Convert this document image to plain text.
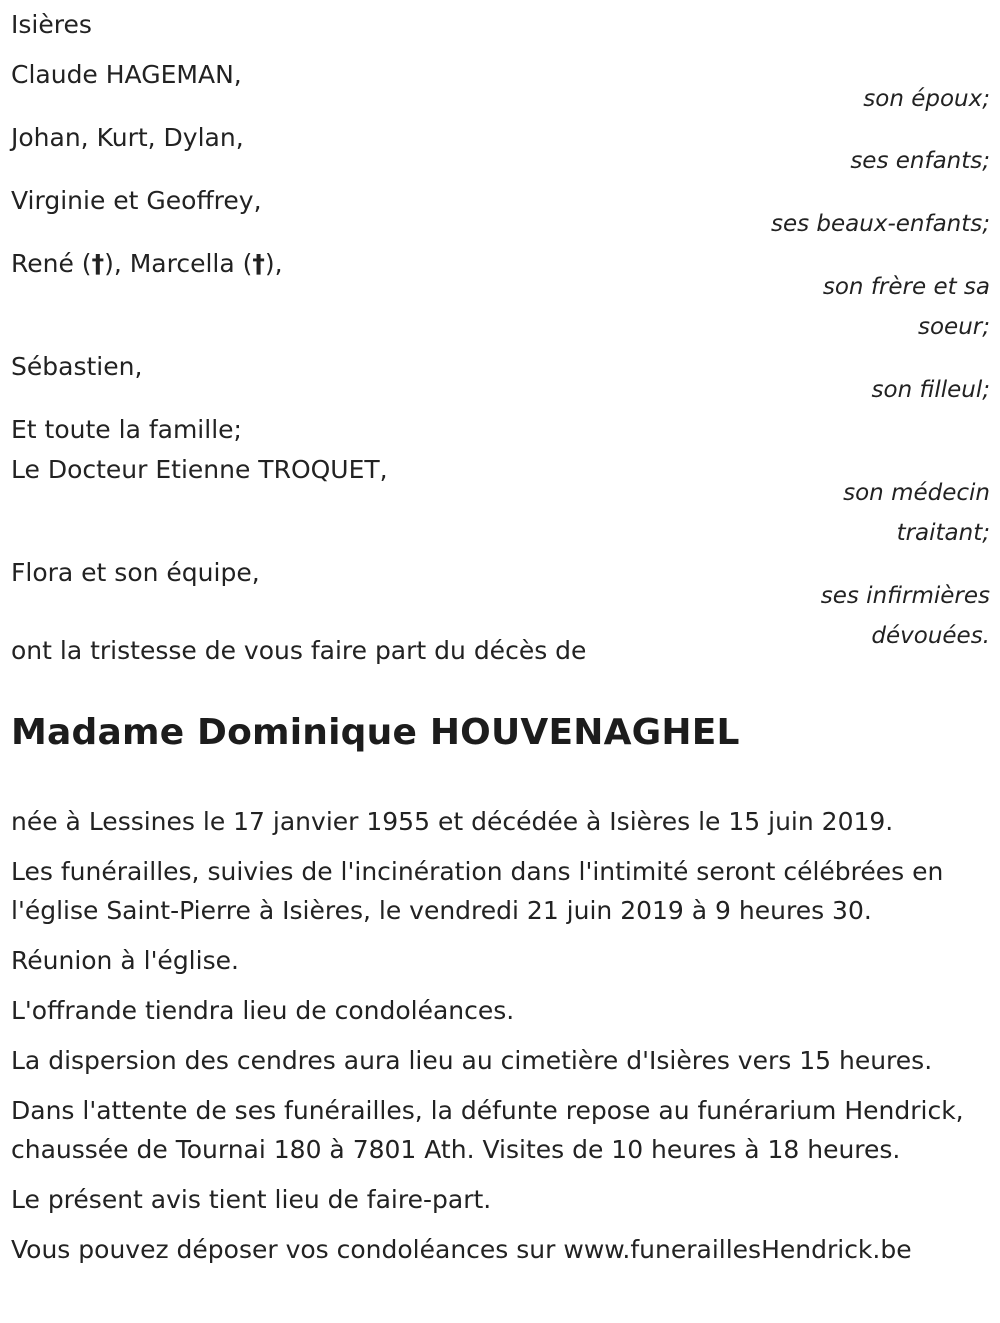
Isières
Claude HAGEMAN,
son époux;
Johan, Kurt, Dylan,
ses enfants;
Virginie et Geoffrey,
ses beaux-enfants;
René (†), Marcella (†),
son frère et sa
soeur;
Sébastien,
son filleul;
Et toute la famille;
Le Docteur Etienne TROQUET,
son médecin
traitant;
Flora et son équipe,
ses infirmières
dévouées.
ont la tristesse de vous faire part du décès de
Madame Dominique HOUVENAGHEL

née à Lessines le 17 janvier 1955 et décédée à Isières le 15 juin 2019.

Les funérailles, suivies de l'incinération dans l'intimité seront célébrées en l'église Saint-Pierre à Isières, le vendredi 21 juin 2019 à 9 heures 30.

Réunion à l'église.

L'offrande tiendra lieu de condoléances.

La dispersion des cendres aura lieu au cimetière d'Isières vers 15 heures.

Dans l'attente de ses funérailles, la défunte repose au funérarium Hendrick, chaussée de Tournai 180 à 7801 Ath. Visites de 10 heures à 18 heures.

Le présent avis tient lieu de faire-part.

Vous pouvez déposer vos condoléances sur www.funeraillesHendrick.be
